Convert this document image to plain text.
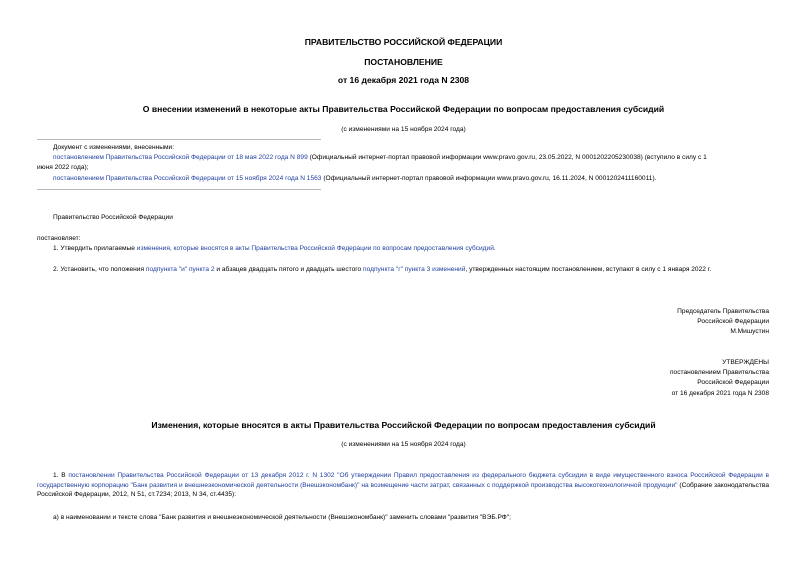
ПРАВИТЕЛЬСТВО РОССИЙСКОЙ ФЕДЕРАЦИИ
ПОСТАНОВЛЕНИЕ
от 16 декабря 2021 года N 2308
О внесении изменений в некоторые акты Правительства Российской Федерации по вопросам предоставления субсидий
(с изменениями на 15 ноября 2024 года)
Документ с изменениями, внесенными:
постановлением Правительства Российской Федерации от 18 мая 2022 года N 899 (Официальный интернет-портал правовой информации www.pravo.gov.ru, 23.05.2022, N 0001202205230038) (вступило в силу с 1
июня 2022 года);
постановлением Правительства Российской Федерации от 15 ноября 2024 года N 1563 (Официальный интернет-портал правовой информации www.pravo.gov.ru, 16.11.2024, N 0001202411160011).
Правительство Российской Федерации
постановляет:
1. Утвердить прилагаемые изменения, которые вносятся в акты Правительства Российской Федерации по вопросам предоставления субсидий.
2. Установить, что положения подпункта "и" пункта 2 и абзацев двадцать пятого и двадцать шестого подпункта "г" пункта 3 изменений, утвержденных настоящим постановлением, вступают в силу с 1 января 2022 г.
Председатель Правительства
Российской Федерации
М.Мишустин
УТВЕРЖДЕНЫ
постановлением Правительства
Российской Федерации
от 16 декабря 2021 года N 2308
Изменения, которые вносятся в акты Правительства Российской Федерации по вопросам предоставления субсидий
(с изменениями на 15 ноября 2024 года)
1. В постановлении Правительства Российской Федерации от 13 декабря 2012 г. N 1302 "Об утверждении Правил предоставления из федерального бюджета субсидии в виде имущественного взноса Российской Федерации в государственную корпорацию "Банк развития и внешнеэкономической деятельности (Внешэкономбанк)" на возмещение части затрат, связанных с поддержкой производства высокотехнологичной продукции" (Собрание законодательства Российской Федерации, 2012, N 51, ст.7234; 2013, N 34, ст.4435):
а) в наименовании и тексте слова "Банк развития и внешнеэкономической деятельности (Внешэкономбанк)" заменить словами "развития "ВЭБ.РФ";
